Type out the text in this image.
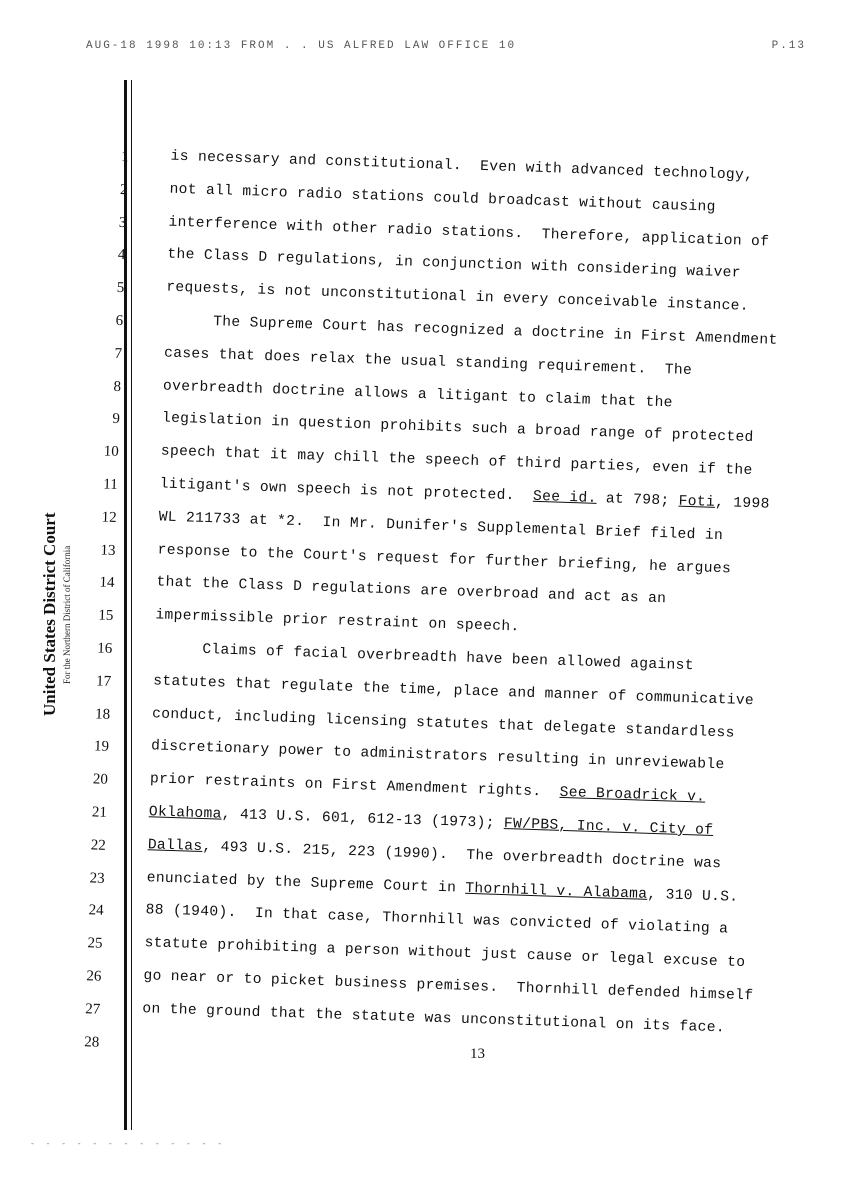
AUG-18 1998 10:13 FROM . . US ALFRED LAW OFFICE 10	P.13
United States District Court For the Northern District of California
1	is necessary and constitutional.  Even with advanced technology,
2	not all micro radio stations could broadcast without causing
3	interference with other radio stations.  Therefore, application of
4	the Class D regulations, in conjunction with considering waiver
5	requests, is not unconstitutional in every conceivable instance.
6	The Supreme Court has recognized a doctrine in First Amendment
7	cases that does relax the usual standing requirement.  The
8	overbreadth doctrine allows a litigant to claim that the
9	legislation in question prohibits such a broad range of protected
10	speech that it may chill the speech of third parties, even if the
11	litigant's own speech is not protected.  See id. at 798; Foti, 1998
12	WL 211733 at *2.  In Mr. Dunifer's Supplemental Brief filed in
13	response to the Court's request for further briefing, he argues
14	that the Class D regulations are overbroad and act as an
15	impermissible prior restraint on speech.
16	Claims of facial overbreadth have been allowed against
17	statutes that regulate the time, place and manner of communicative
18	conduct, including licensing statutes that delegate standardless
19	discretionary power to administrators resulting in unreviewable
20	prior restraints on First Amendment rights.  See Broadrick v.
21	Oklahoma, 413 U.S. 601, 612-13 (1973); FW/PBS, Inc. v. City of
22	Dallas, 493 U.S. 215, 223 (1990).  The overbreadth doctrine was
23	enunciated by the Supreme Court in Thornhill v. Alabama, 310 U.S.
24	88 (1940).  In that case, Thornhill was convicted of violating a
25	statute prohibiting a person without just cause or legal excuse to
26	go near or to picket business premises.  Thornhill defended himself
27	on the ground that the statute was unconstitutional on its face.
28
13
- - - - - - - - - - - - -
